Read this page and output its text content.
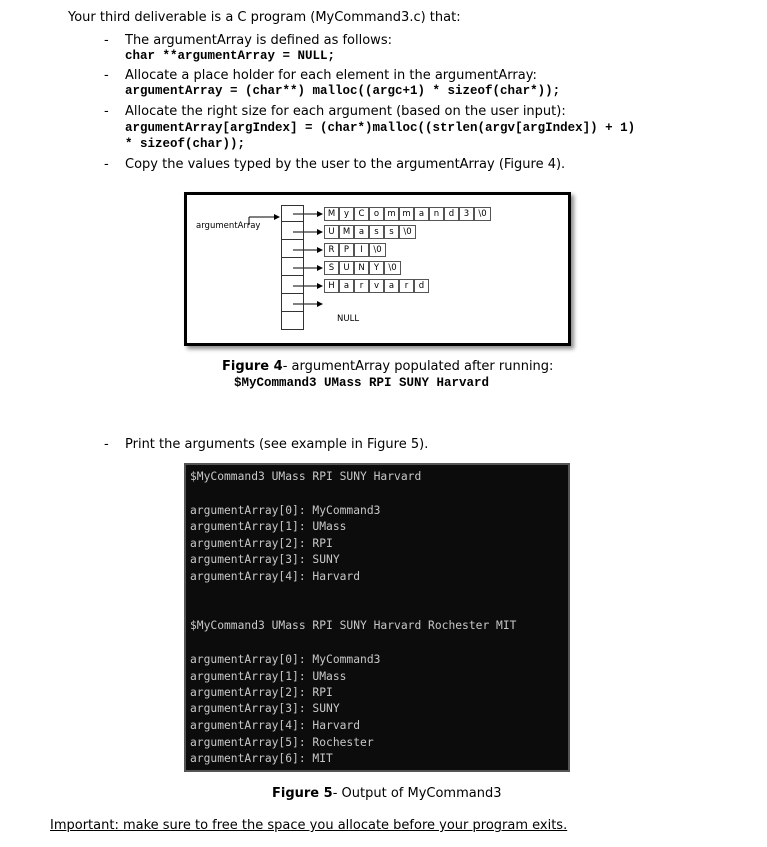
Your third deliverable is a C program (MyCommand3.c) that:
- The argumentArray is defined as follows:
char **argumentArray = NULL;
- Allocate a place holder for each element in the argumentArray:
argumentArray = (char**) malloc((argc+1) * sizeof(char*));
- Allocate the right size for each argument (based on the user input):
argumentArray[argIndex] = (char*)malloc((strlen(argv[argIndex]) + 1)
* sizeof(char));
- Copy the values typed by the user to the argumentArray (Figure 4).
argumentArray
M	y	C	o m m a	n	d	3	\0
U M	a	s	s	\0
R	P	I	\0
S	U	N	Y	\0
H	a	r	v	a	r	d
NULL
Figure 4- argumentArray populated after running:
$MyCommand3 UMass RPI SUNY Harvard
- Print the arguments (see example in Figure 5).
$MyCommand3 UMass RPI SUNY Harvard
argumentArray[0]: MyCommand3
argumentArray[1]: UMass
argumentArray[2]: RPI
argumentArray[3]: SUNY
argumentArray[4]: Harvard
$MyCommand3 UMass RPI SUNY Harvard Rochester MIT
argumentArray[0]: MyCommand3
argumentArray[1]: UMass
argumentArray[2]: RPI
argumentArray[3]: SUNY
argumentArray[4]: Harvard
argumentArray[5]: Rochester
argumentArray[6]: MIT
Figure 5- Output of MyCommand3
Important: make sure to free the space you allocate before your program exits.
